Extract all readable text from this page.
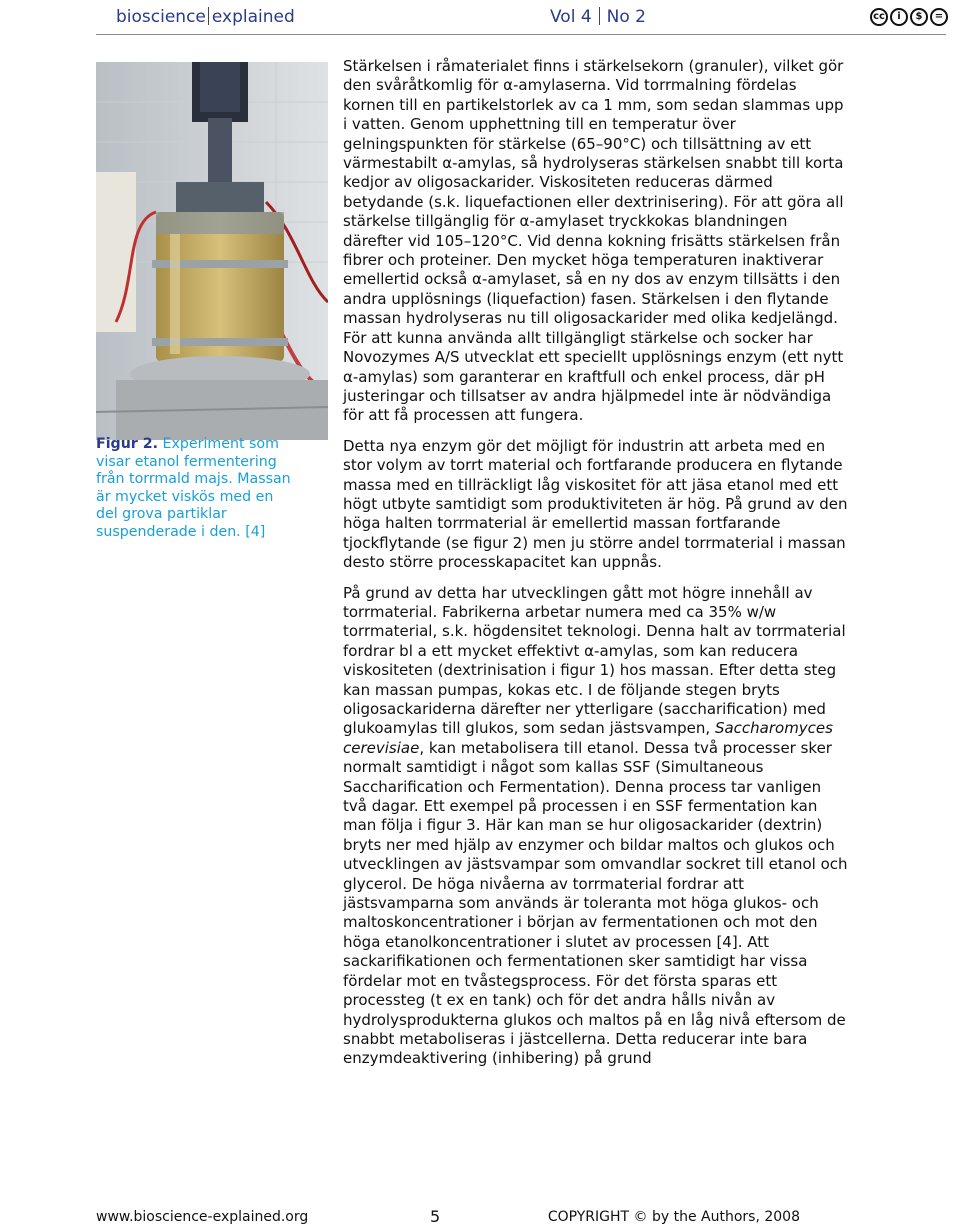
bioscience explained	Vol 4 No 2	cc	i	$	=
Figur 2. Experiment som visar etanol fermentering från torrmald majs. Massan är mycket viskös med en del grova partiklar suspenderade i den. [4]

Stärkelsen i råmaterialet finns i stärkelsekorn (granuler), vilket gör den svåråtkomlig för α-amylaserna. Vid torrmalning fördelas kornen till en partikelstorlek av ca 1 mm, som sedan slammas upp i vatten. Genom upphettning till en temperatur över gelningspunkten för stärkelse (65–90°C) och tillsättning av ett värmestabilt α-amylas, så hydrolyseras stärkelsen snabbt till korta kedjor av oligosackarider. Viskositeten reduceras därmed betydande (s.k. liquefactionen eller dextrinisering). För att göra all stärkelse tillgänglig för α-amylaset tryckkokas blandningen därefter vid 105–120°C. Vid denna kokning frisätts stärkelsen från fibrer och proteiner. Den mycket höga temperaturen inaktiverar emellertid också α-amylaset, så en ny dos av enzym tillsätts i den andra upplösnings (liquefaction) fasen. Stärkelsen i den flytande massan hydrolyseras nu till oligosackarider med olika kedjelängd. För att kunna använda allt tillgängligt stärkelse och socker har Novozymes A/S utvecklat ett speciellt upplösnings enzym (ett nytt α-amylas) som garanterar en kraftfull och enkel process, där pH justeringar och tillsatser av andra hjälpmedel inte är nödvändiga för att få processen att fungera.

Detta nya enzym gör det möjligt för industrin att arbeta med en stor volym av torrt material och fortfarande producera en flytande massa med en tillräckligt låg viskositet för att jäsa etanol med ett högt utbyte samtidigt som produktiviteten är hög. På grund av den höga halten torrmaterial är emellertid massan fortfarande tjockflytande (se figur 2) men ju större andel torrmaterial i massan desto större processkapacitet kan uppnås.

På grund av detta har utvecklingen gått mot högre innehåll av torrmaterial. Fabrikerna arbetar numera med ca 35% w/w torrmaterial, s.k. högdensitet teknologi. Denna halt av torrmaterial fordrar bl a ett mycket effektivt α-amylas, som kan reducera viskositeten (dextrinisation i figur 1) hos massan. Efter detta steg kan massan pumpas, kokas etc. I de följande stegen bryts oligosackariderna därefter ner ytterligare (saccharification) med glukoamylas till glukos, som sedan jästsvampen, Saccharomyces cerevisiae, kan metabolisera till etanol. Dessa två processer sker normalt samtidigt i något som kallas SSF (Simultaneous Saccharification och Fermentation). Denna process tar vanligen två dagar. Ett exempel på processen i en SSF fermentation kan man följa i figur 3. Här kan man se hur oligosackarider (dextrin) bryts ner med hjälp av enzymer och bildar maltos och glukos och utvecklingen av jästsvampar som omvandlar sockret till etanol och glycerol. De höga nivåerna av torrmaterial fordrar att jästsvamparna som används är toleranta mot höga glukos- och maltoskoncentrationer i början av fermentationen och mot den höga etanolkoncentrationer i slutet av processen [4]. Att sackarifikationen och fermentationen sker samtidigt har vissa fördelar mot en tvåstegsprocess. För det första sparas ett processteg (t ex en tank) och för det andra hålls nivån av hydrolysprodukterna glukos och maltos på en låg nivå eftersom de snabbt metaboliseras i jästcellerna. Detta reducerar inte bara enzymdeaktivering (inhibering) på grund

www.bioscience-explained.org	5	COPYRIGHT © by the Authors, 2008
